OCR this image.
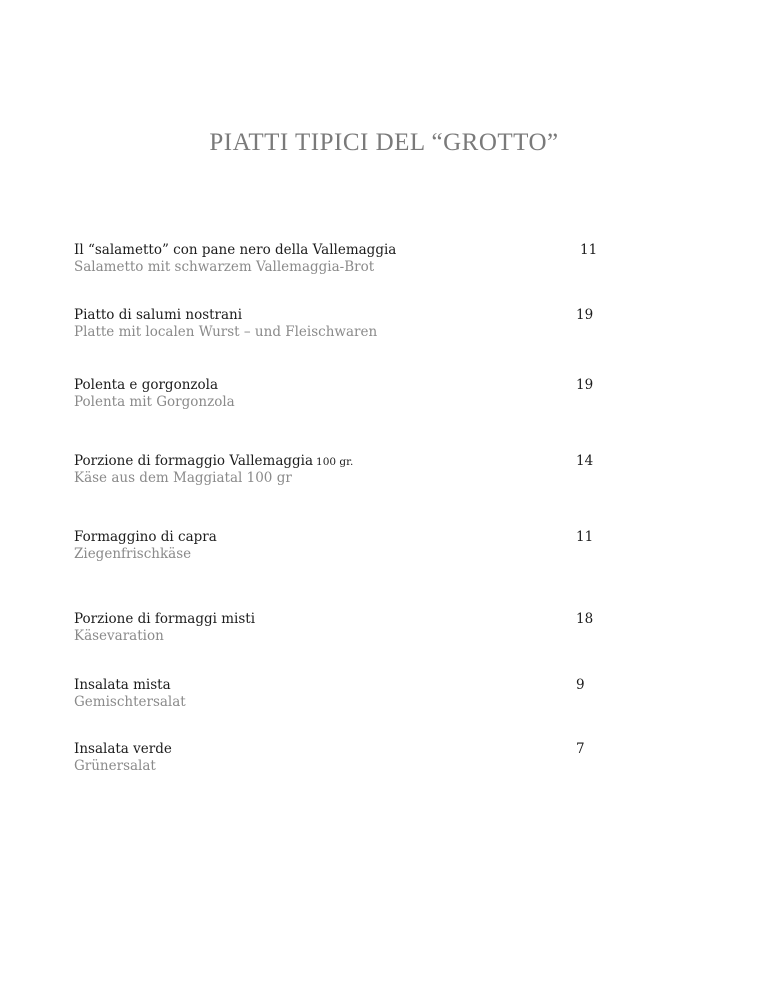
PIATTI TIPICI DEL “GROTTO”
Il “salametto” con pane nero della Vallemaggia
Salametto mit schwarzem Vallemaggia-Brot
11
Piatto di salumi nostrani
Platte mit localen Wurst – und Fleischwaren
19
Polenta e gorgonzola
Polenta mit Gorgonzola
19
Porzione di formaggio Vallemaggia 100 gr.
Käse aus dem Maggiatal 100 gr
14
Formaggino di capra
Ziegenfrischkäse
11
Porzione di formaggi misti
Käsevaration
18
Insalata mista
Gemischtersalat
9
Insalata verde
Grünersalat
7
